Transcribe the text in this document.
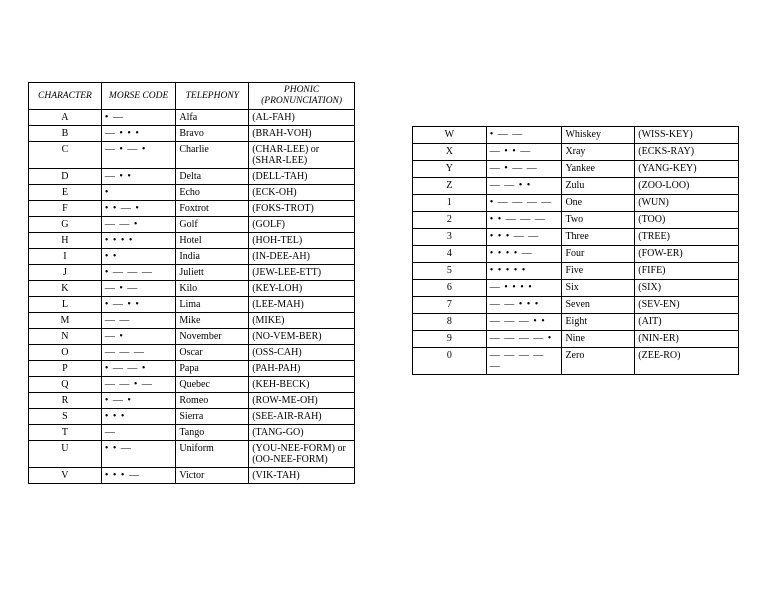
CHARACTER	MORSE CODE	TELEPHONY	PHONIC (PRONUNCIATION)
A	• —	Alfa	(AL-FAH)
B	— • • •	Bravo	(BRAH-VOH)
C	— • — •	Charlie	(CHAR-LEE) or (SHAR-LEE)
D	— • •	Delta	(DELL-TAH)
E	•	Echo	(ECK-OH)
F	• • — •	Foxtrot	(FOKS-TROT)
G	— — •	Golf	(GOLF)
H	• • • •	Hotel	(HOH-TEL)
I	• •	India	(IN-DEE-AH)
J	• — — —	Juliett	(JEW-LEE-ETT)
K	— • —	Kilo	(KEY-LOH)
L	• — • •	Lima	(LEE-MAH)
M	— —	Mike	(MIKE)
N	— •	November	(NO-VEM-BER)
O	— — —	Oscar	(OSS-CAH)
P	• — — •	Papa	(PAH-PAH)
Q	— — • —	Quebec	(KEH-BECK)
R	• — •	Romeo	(ROW-ME-OH)
S	• • •	Sierra	(SEE-AIR-RAH)
T	—	Tango	(TANG-GO)
U	• • —	Uniform	(YOU-NEE-FORM) or (OO-NEE-FORM)
V	• • • —	Victor	(VIK-TAH)
W	• — —	Whiskey	(WISS-KEY)
X	— • • —	Xray	(ECKS-RAY)
Y	— • — —	Yankee	(YANG-KEY)
Z	— — • •	Zulu	(ZOO-LOO)
1	• — — — —	One	(WUN)
2	• • — — —	Two	(TOO)
3	• • • — —	Three	(TREE)
4	• • • • —	Four	(FOW-ER)
5	• • • • •	Five	(FIFE)
6	— • • • •	Six	(SIX)
7	— — • • •	Seven	(SEV-EN)
8	— — — • •	Eight	(AIT)
9	— — — — •	Nine	(NIN-ER)
0	— — — — —	Zero	(ZEE-RO)
